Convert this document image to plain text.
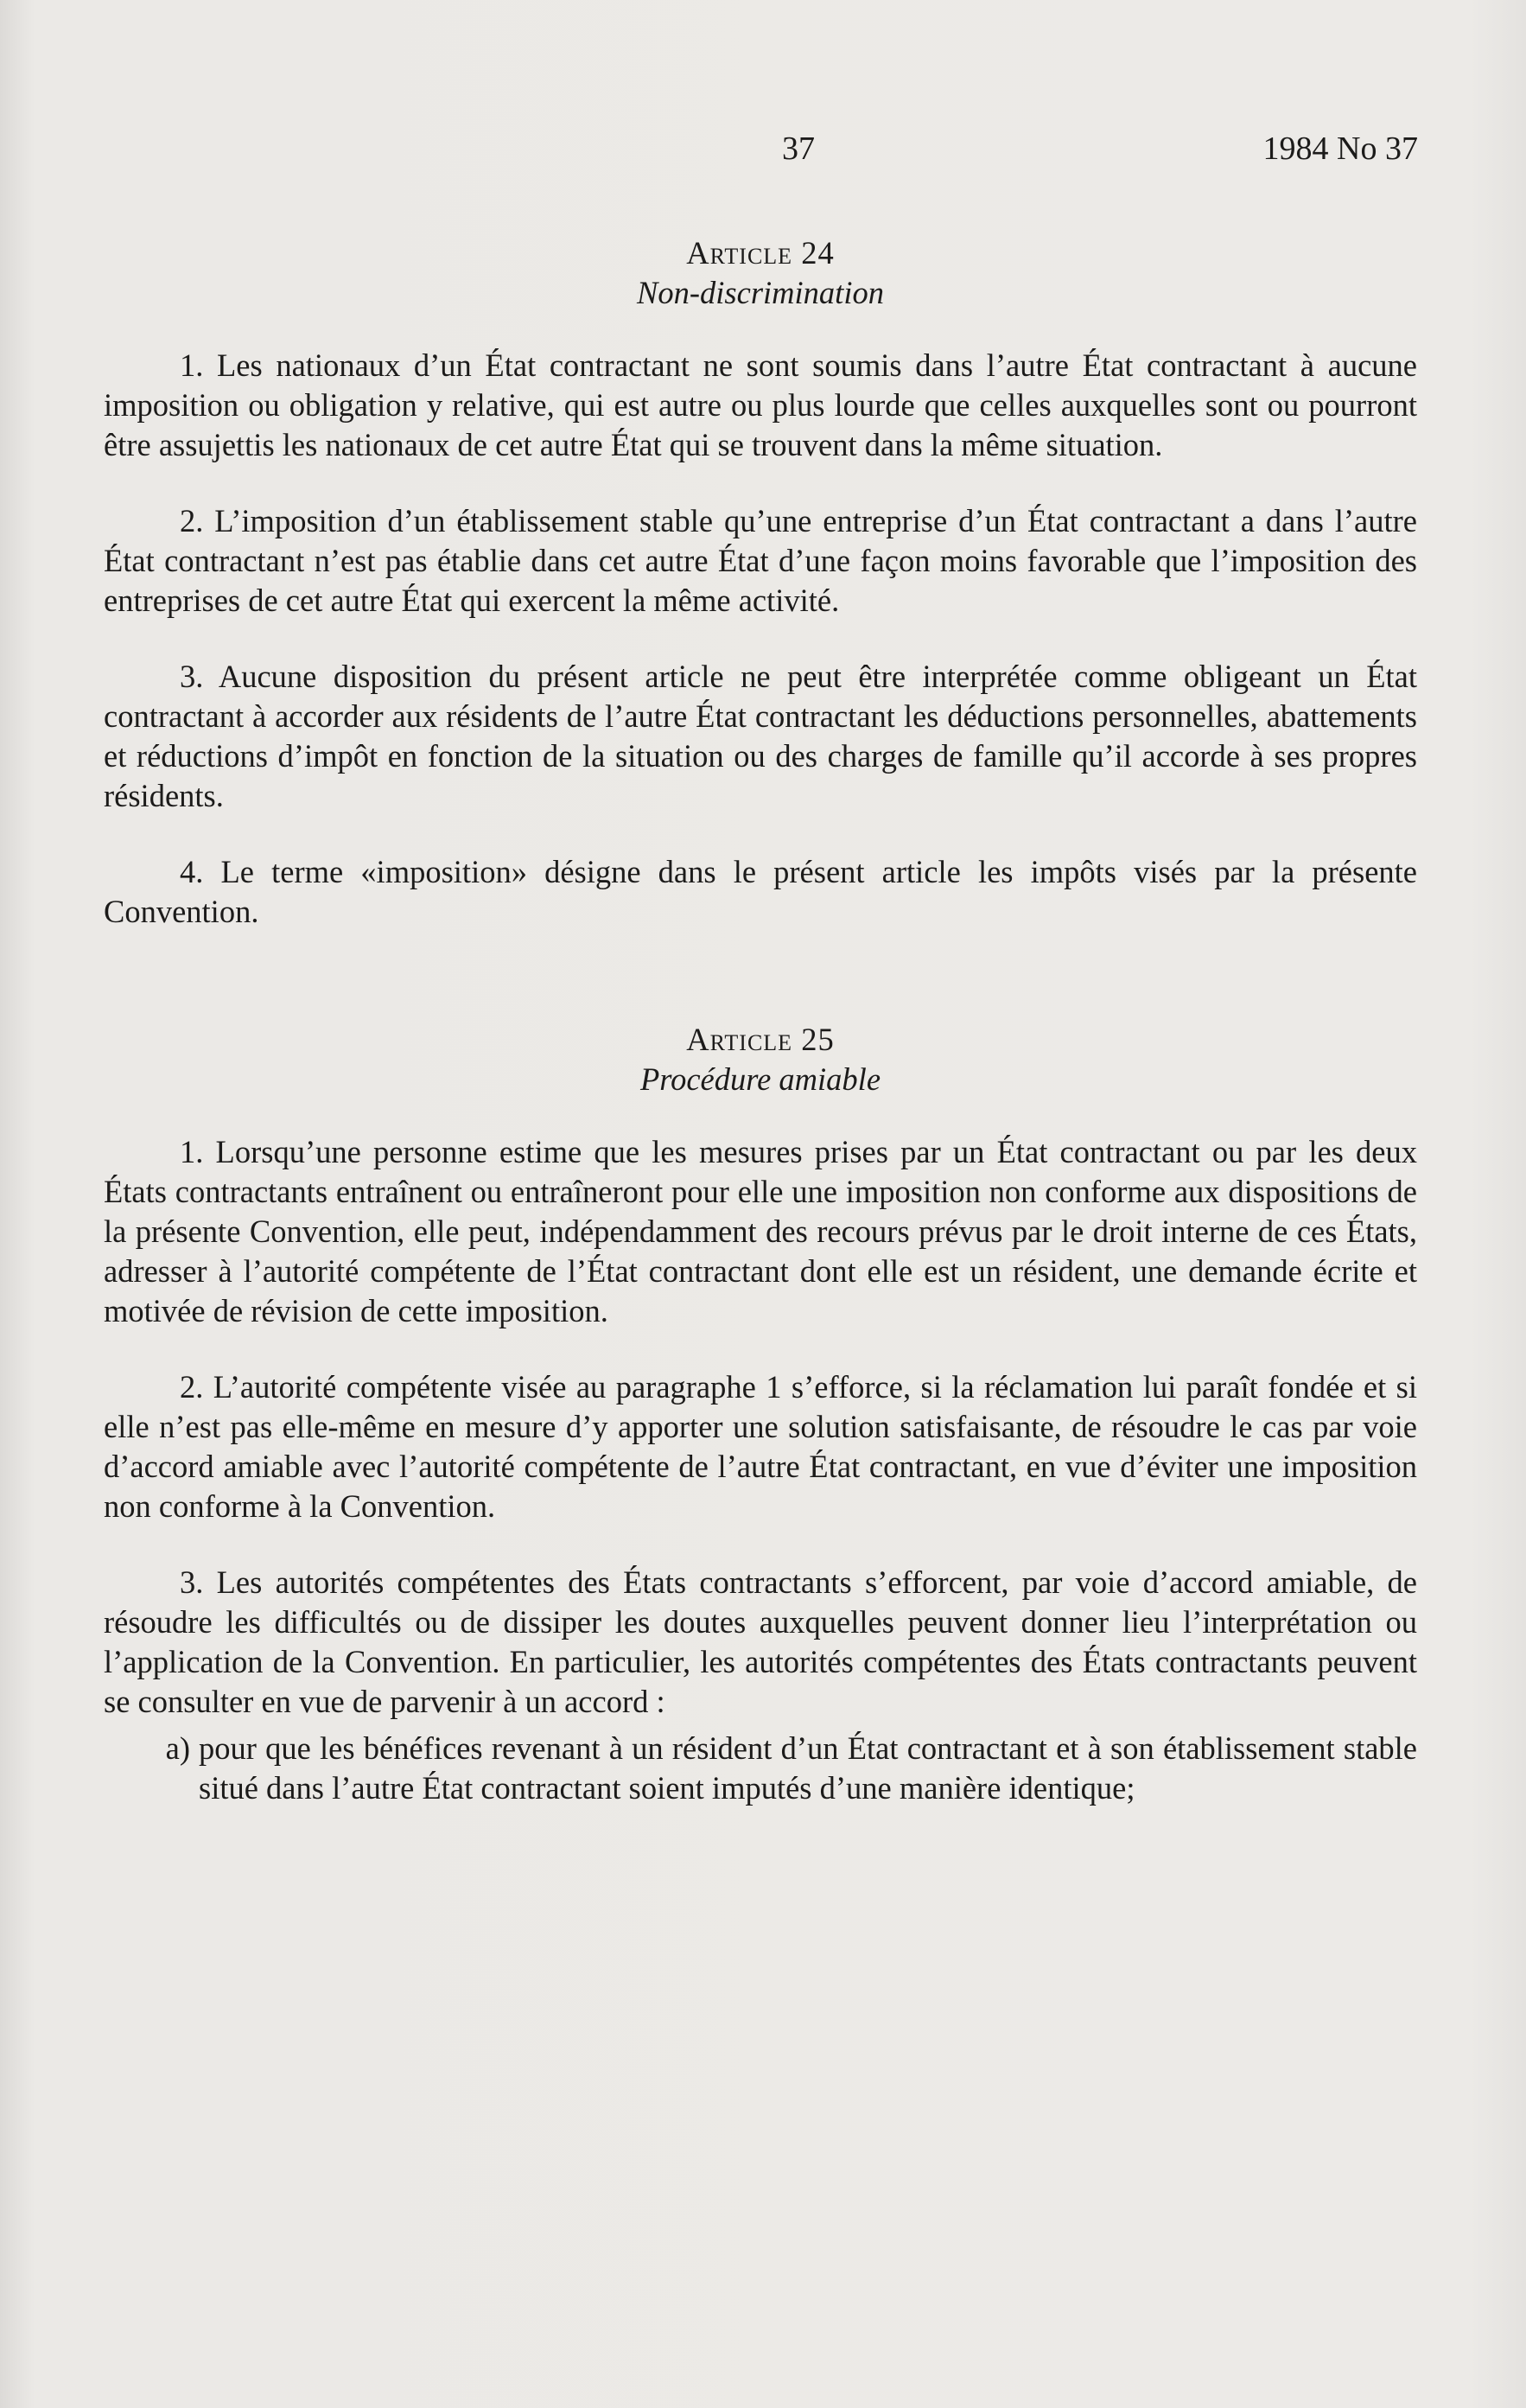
37	1984 No 37

Article 24

Non-discrimination

1. Les nationaux d’un État contractant ne sont soumis dans l’autre État contractant à aucune imposition ou obligation y relative, qui est autre ou plus lourde que celles auxquelles sont ou pourront être assujettis les nationaux de cet autre État qui se trouvent dans la même situation.

2. L’imposition d’un établissement stable qu’une entreprise d’un État contractant a dans l’autre État contractant n’est pas établie dans cet autre État d’une façon moins favorable que l’imposition des entreprises de cet autre État qui exercent la même activité.

3. Aucune disposition du présent article ne peut être interprétée comme obligeant un État contractant à accorder aux résidents de l’autre État contractant les déductions personnelles, abattements et réductions d’impôt en fonction de la situation ou des charges de famille qu’il accorde à ses propres résidents.

4. Le terme «imposition» désigne dans le présent article les impôts visés par la présente Convention.

Article 25

Procédure amiable

1. Lorsqu’une personne estime que les mesures prises par un État contractant ou par les deux États contractants entraînent ou entraîneront pour elle une imposition non conforme aux dispositions de la présente Convention, elle peut, indépendamment des recours prévus par le droit interne de ces États, adresser à l’autorité compétente de l’État contractant dont elle est un résident, une demande écrite et motivée de révision de cette imposition.

2. L’autorité compétente visée au paragraphe 1 s’efforce, si la réclamation lui paraît fondée et si elle n’est pas elle-même en mesure d’y apporter une solution satisfaisante, de résoudre le cas par voie d’accord amiable avec l’autorité compétente de l’autre État contractant, en vue d’éviter une imposition non conforme à la Convention.

3. Les autorités compétentes des États contractants s’efforcent, par voie d’accord amiable, de résoudre les difficultés ou de dissiper les doutes auxquelles peuvent donner lieu l’interprétation ou l’application de la Convention. En particulier, les autorités compétentes des États contractants peuvent se consulter en vue de parvenir à un accord :

a) pour que les bénéfices revenant à un résident d’un État contractant et à son établissement stable situé dans l’autre État contractant soient imputés d’une manière identique;
